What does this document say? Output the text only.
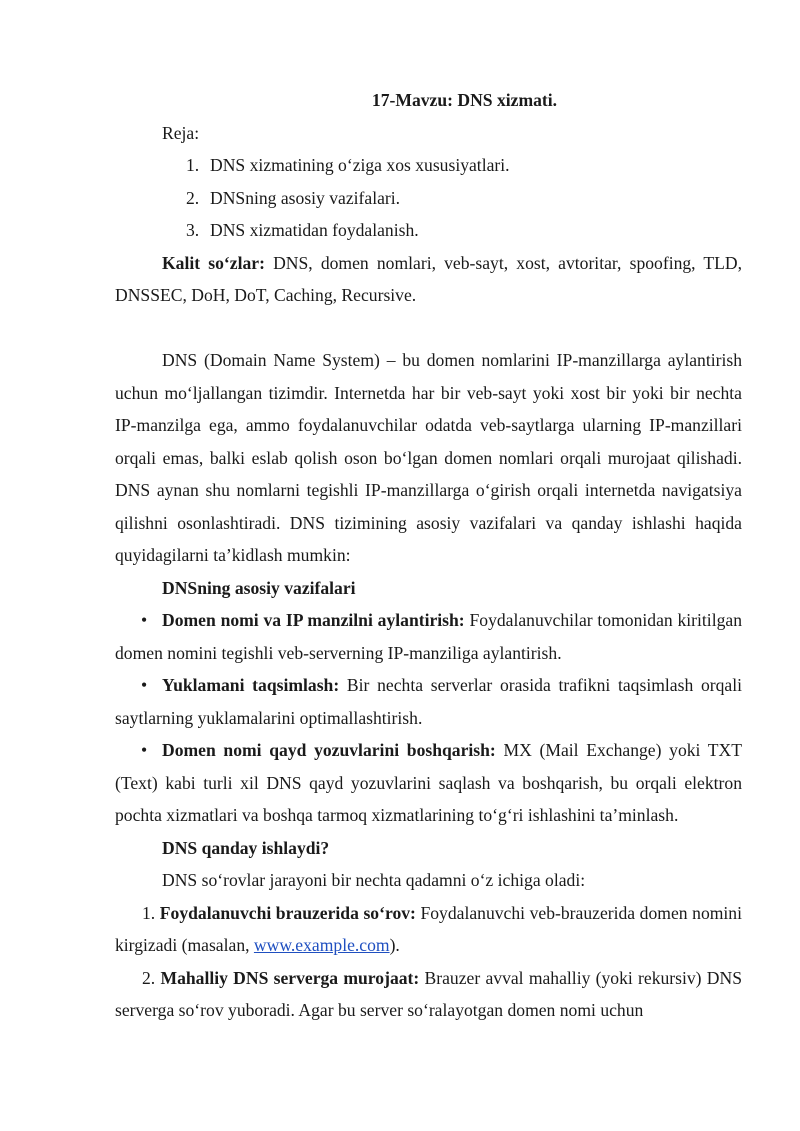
17-Mavzu: DNS xizmati.

Reja:

1. DNS xizmatining o‘ziga xos xususiyatlari.
2. DNSning asosiy vazifalari.
3. DNS xizmatidan foydalanish.

Kalit so‘zlar: DNS, domen nomlari, veb-sayt, xost, avtoritar, spoofing, TLD, DNSSEC, DoH, DoT, Caching, Recursive.

DNS (Domain Name System) – bu domen nomlarini IP-manzillarga aylantirish uchun mo‘ljallangan tizimdir. Internetda har bir veb-sayt yoki xost bir yoki bir nechta IP-manzilga ega, ammo foydalanuvchilar odatda veb-saytlarga ularning IP-manzillari orqali emas, balki eslab qolish oson bo‘lgan domen nomlari orqali murojaat qilishadi. DNS aynan shu nomlarni tegishli IP-manzillarga o‘girish orqali internetda navigatsiya qilishni osonlashtiradi. DNS tizimining asosiy vazifalari va qanday ishlashi haqida quyidagilarni ta’kidlash mumkin:

DNSning asosiy vazifalari

• Domen nomi va IP manzilni aylantirish: Foydalanuvchilar tomonidan kiritilgan domen nomini tegishli veb-serverning IP-manziliga aylantirish.

• Yuklamani taqsimlash: Bir nechta serverlar orasida trafikni taqsimlash orqali saytlarning yuklamalarini optimallashtirish.

• Domen nomi qayd yozuvlarini boshqarish: MX (Mail Exchange) yoki TXT (Text) kabi turli xil DNS qayd yozuvlarini saqlash va boshqarish, bu orqali elektron pochta xizmatlari va boshqa tarmoq xizmatlarining to‘g‘ri ishlashini ta’minlash.

DNS qanday ishlaydi?

DNS so‘rovlar jarayoni bir nechta qadamni o‘z ichiga oladi:

1. Foydalanuvchi brauzerida so‘rov: Foydalanuvchi veb-brauzerida domen nomini kirgizadi (masalan, www.example.com).

2. Mahalliy DNS serverga murojaat: Brauzer avval mahalliy (yoki rekursiv) DNS serverga so‘rov yuboradi. Agar bu server so‘ralayotgan domen nomi uchun
